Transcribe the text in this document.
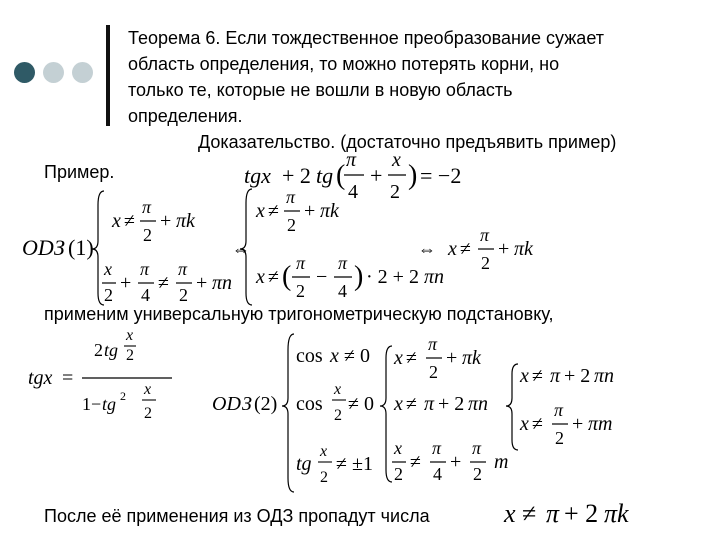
Теорема 6. Если тождественное преобразование сужает
область определения, то можно потерять корни, но
только те, которые не вошли в новую область
определения.
Доказательство. (достаточно предъявить пример)
Пример.	tgx + 2 tg ( π
4
+
x
2
) = −2
OD З (1)
x ≠
π
2
+ πk
x
2
+
π
4
≠
π
2
+ πn
⇔
x ≠
π
2
+ πk
x ≠ ( π
2
−
π
4 ) · 2 + 2 πn
⇔ x ≠
π
2
+ πk
применим универсальную тригонометрическую подстановку,
tgx =
2 tg
x
2
1− tg 2 x
2	OD З (2)
cos x ≠ 0
cos
x
2
≠ 0
tg
x
2
≠ ±1
x ≠
π
2
+ πk
x ≠ π + 2 πn
x
2
≠
π
4
+
π
2
m
x ≠ π + 2 πn
x ≠
π
2
+ πm
После её применения из ОДЗ пропадут числа	x ≠ π + 2 πk
